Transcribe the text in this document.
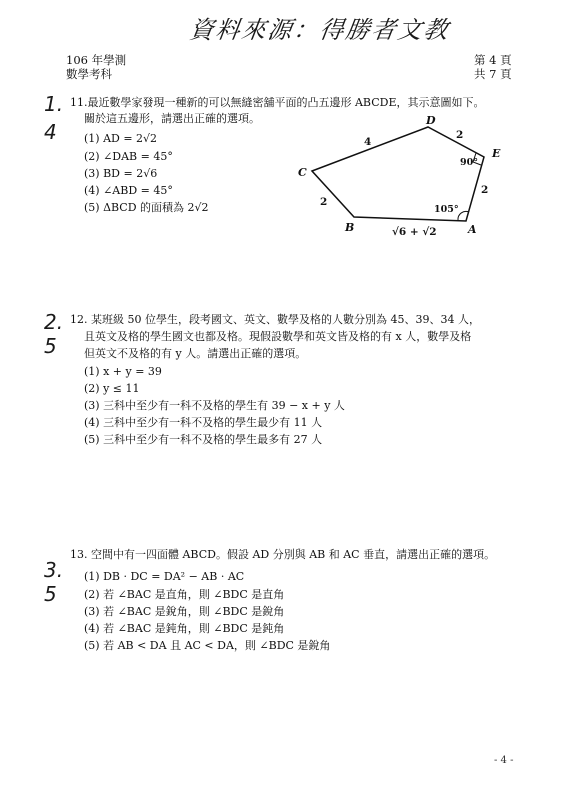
資料來源：得勝者文教
106 年學測
數學考科
第 4 頁
共 7 頁
1.
4
11.最近數學家發現一種新的可以無縫密舖平面的凸五邊形 ABCDE，其示意圖如下。
關於這五邊形，請選出正確的選項。
(1) AD = 2√2
(2) ∠DAB = 45°
(3) BD = 2√6
(4) ∠ABD = 45°
(5) ΔBCD 的面積為 2√2
C
D
E
A
B
4
2
2
2
√6 + √2
90°
105°
2.
5
12. 某班級 50 位學生，段考國文、英文、數學及格的人數分別為 45、39、34 人，
且英文及格的學生國文也都及格。現假設數學和英文皆及格的有 x 人，數學及格
但英文不及格的有 y 人。請選出正確的選項。
(1) x + y = 39
(2) y ≤ 11
(3) 三科中至少有一科不及格的學生有 39 − x + y 人
(4) 三科中至少有一科不及格的學生最少有 11 人
(5) 三科中至少有一科不及格的學生最多有 27 人
3.
5
13. 空間中有一四面體 ABCD。假設 AD 分別與 AB 和 AC 垂直，請選出正確的選項。
(1) DB · DC = DA² − AB · AC
(2) 若 ∠BAC 是直角，則 ∠BDC 是直角
(3) 若 ∠BAC 是銳角，則 ∠BDC 是銳角
(4) 若 ∠BAC 是鈍角，則 ∠BDC 是鈍角
(5) 若 AB < DA 且 AC < DA，則 ∠BDC 是銳角
- 4 -
